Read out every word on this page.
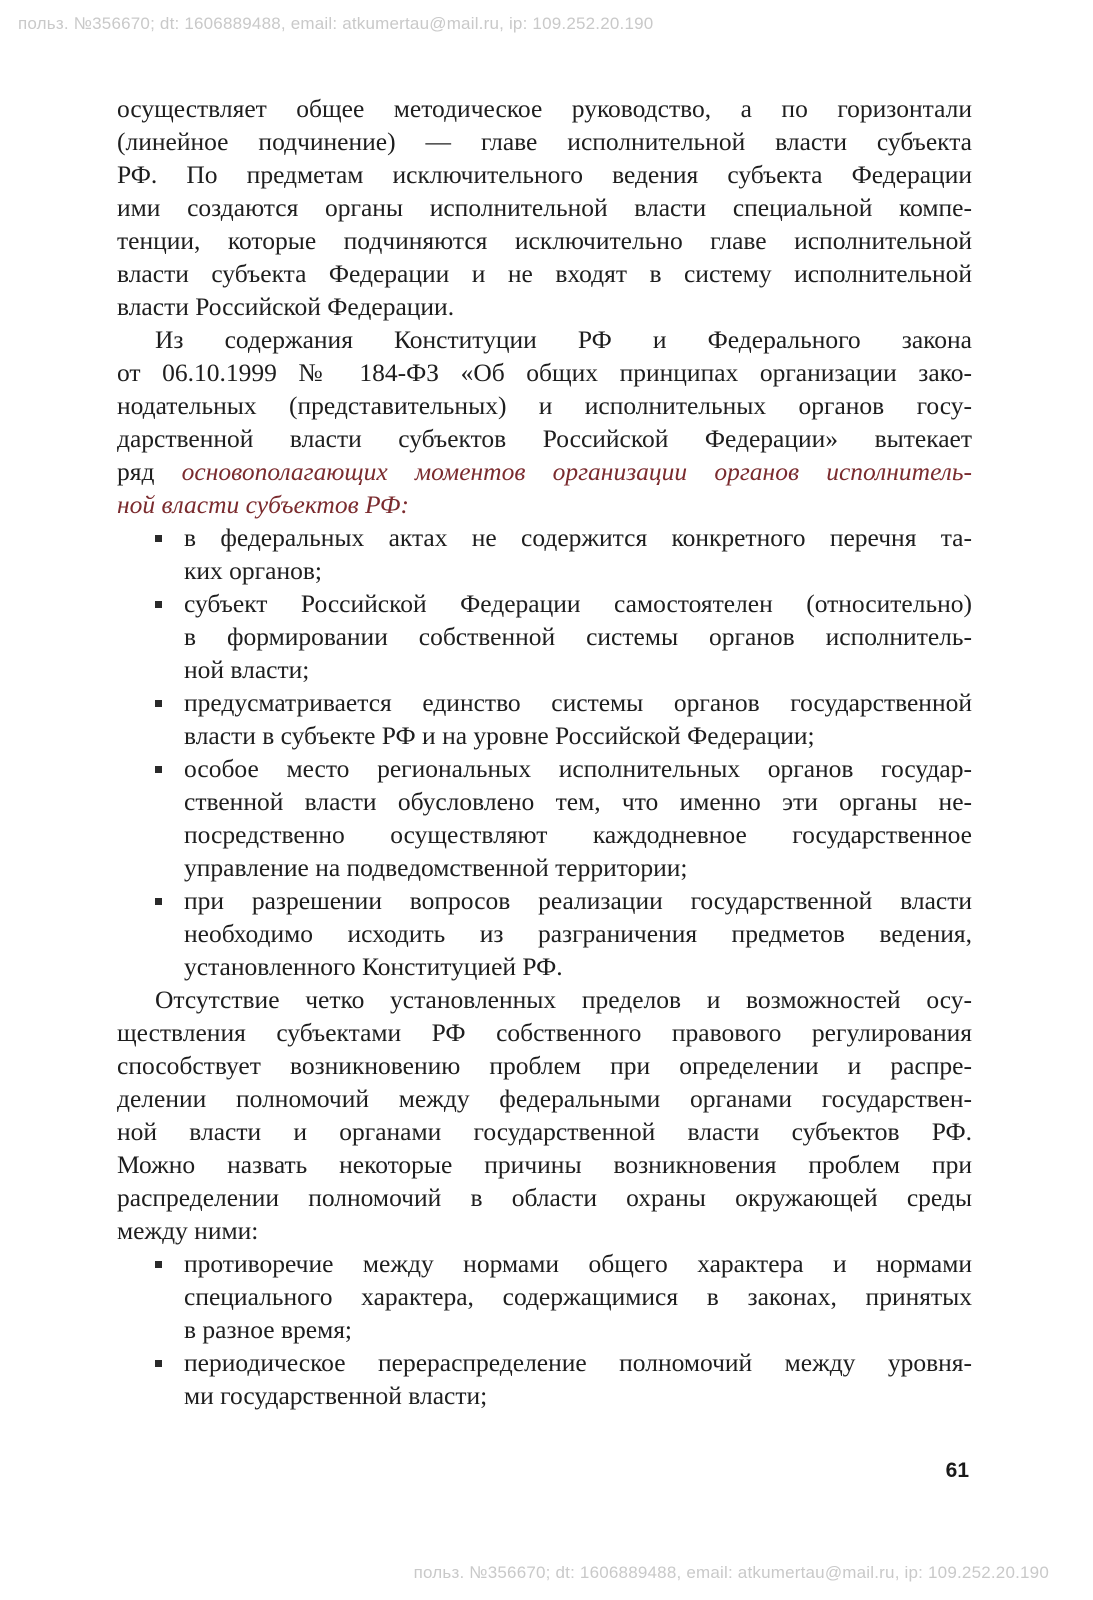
польз. №356670; dt: 1606889488, email: atkumertau@mail.ru, ip: 109.252.20.190
осуществляет общее методическое руководство, а по горизонтали
(линейное подчинение) — главе исполнительной власти субъекта
РФ. По предметам исключительного ведения субъекта Федерации
ими создаются органы исполнительной власти специальной компе-
тенции, которые подчиняются исключительно главе исполнительной
власти субъекта Федерации и не входят в систему исполнительной
власти Российской Федерации.
Из содержания Конституции РФ и Федерального закона
от 06.10.1999 № 184-ФЗ «Об общих принципах организации зако-
нодательных (представительных) и исполнительных органов госу-
дарственной власти субъектов Российской Федерации» вытекает
ряд основополагающих моментов организации органов исполнитель-
ной власти субъектов РФ:
в федеральных актах не содержится конкретного перечня та-
ких органов;
субъект Российской Федерации самостоятелен (относительно)
в формировании собственной системы органов исполнитель-
ной власти;
предусматривается единство системы органов государственной
власти в субъекте РФ и на уровне Российской Федерации;
особое место региональных исполнительных органов государ-
ственной власти обусловлено тем, что именно эти органы не-
посредственно осуществляют каждодневное государственное
управление на подведомственной территории;
при разрешении вопросов реализации государственной власти
необходимо исходить из разграничения предметов ведения,
установленного Конституцией РФ.
Отсутствие четко установленных пределов и возможностей осу-
ществления субъектами РФ собственного правового регулирования
способствует возникновению проблем при определении и распре-
делении полномочий между федеральными органами государствен-
ной власти и органами государственной власти субъектов РФ.
Можно назвать некоторые причины возникновения проблем при
распределении полномочий в области охраны окружающей среды
между ними:
противоречие между нормами общего характера и нормами
специального характера, содержащимися в законах, принятых
в разное время;
периодическое перераспределение полномочий между уровня-
ми государственной власти;
61
польз. №356670; dt: 1606889488, email: atkumertau@mail.ru, ip: 109.252.20.190
